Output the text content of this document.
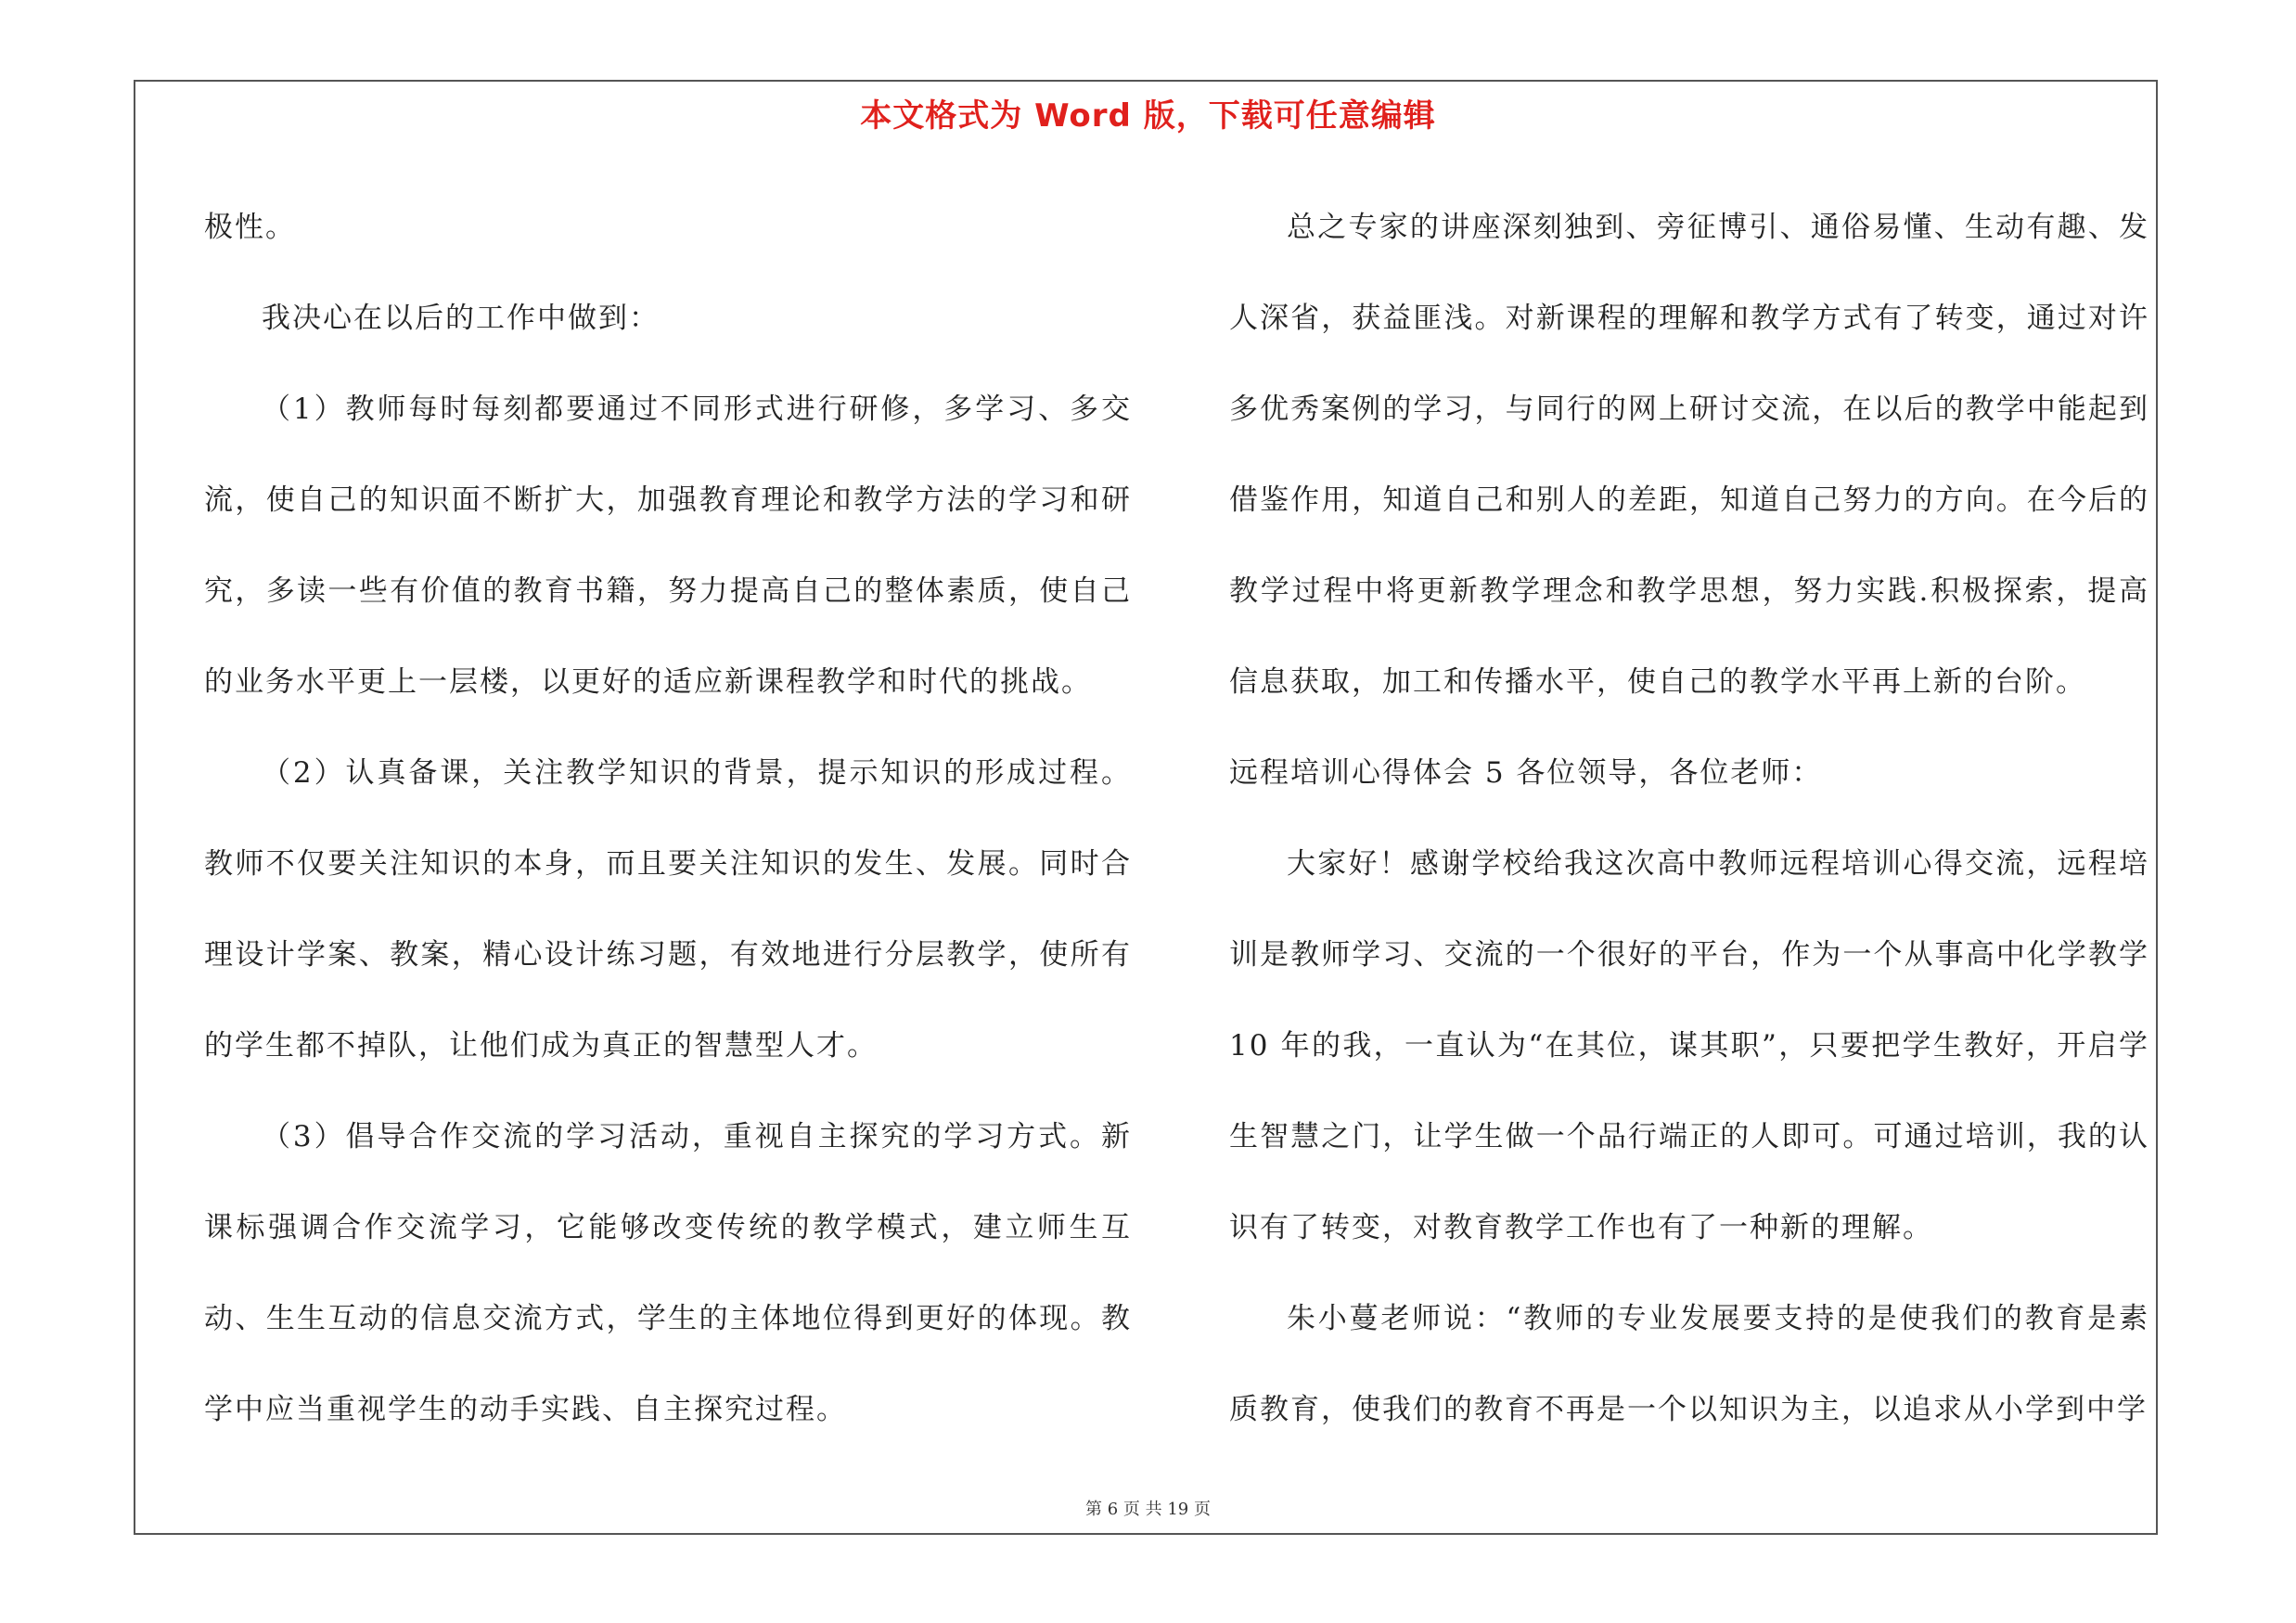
本文格式为 Word 版，下载可任意编辑

极性。

我决心在以后的工作中做到：

（1）教师每时每刻都要通过不同形式进行研修，多学习、多交流，使自己的知识面不断扩大，加强教育理论和教学方法的学习和研究，多读一些有价值的教育书籍，努力提高自己的整体素质，使自己的业务水平更上一层楼，以更好的适应新课程教学和时代的挑战。

（2）认真备课，关注教学知识的背景，提示知识的形成过程。教师不仅要关注知识的本身，而且要关注知识的发生、发展。同时合理设计学案、教案，精心设计练习题，有效地进行分层教学，使所有的学生都不掉队，让他们成为真正的智慧型人才。

（3）倡导合作交流的学习活动，重视自主探究的学习方式。新课标强调合作交流学习，它能够改变传统的教学模式，建立师生互动、生生互动的信息交流方式，学生的主体地位得到更好的体现。教学中应当重视学生的动手实践、自主探究过程。

总之专家的讲座深刻独到、旁征博引、通俗易懂、生动有趣、发人深省，获益匪浅。对新课程的理解和教学方式有了转变，通过对许多优秀案例的学习，与同行的网上研讨交流，在以后的教学中能起到借鉴作用，知道自己和别人的差距，知道自己努力的方向。在今后的教学过程中将更新教学理念和教学思想，努力实践.积极探索，提高信息获取，加工和传播水平，使自己的教学水平再上新的台阶。

远程培训心得体会 5 各位领导，各位老师：

大家好！感谢学校给我这次高中教师远程培训心得交流，远程培训是教师学习、交流的一个很好的平台，作为一个从事高中化学教学 10 年的我，一直认为“在其位，谋其职”，只要把学生教好，开启学生智慧之门，让学生做一个品行端正的人即可。可通过培训，我的认识有了转变，对教育教学工作也有了一种新的理解。

朱小蔓老师说：“教师的专业发展要支持的是使我们的教育是素质教育，使我们的教育不再是一个以知识为主，以追求从小学到中学

第 6 页 共 19 页
